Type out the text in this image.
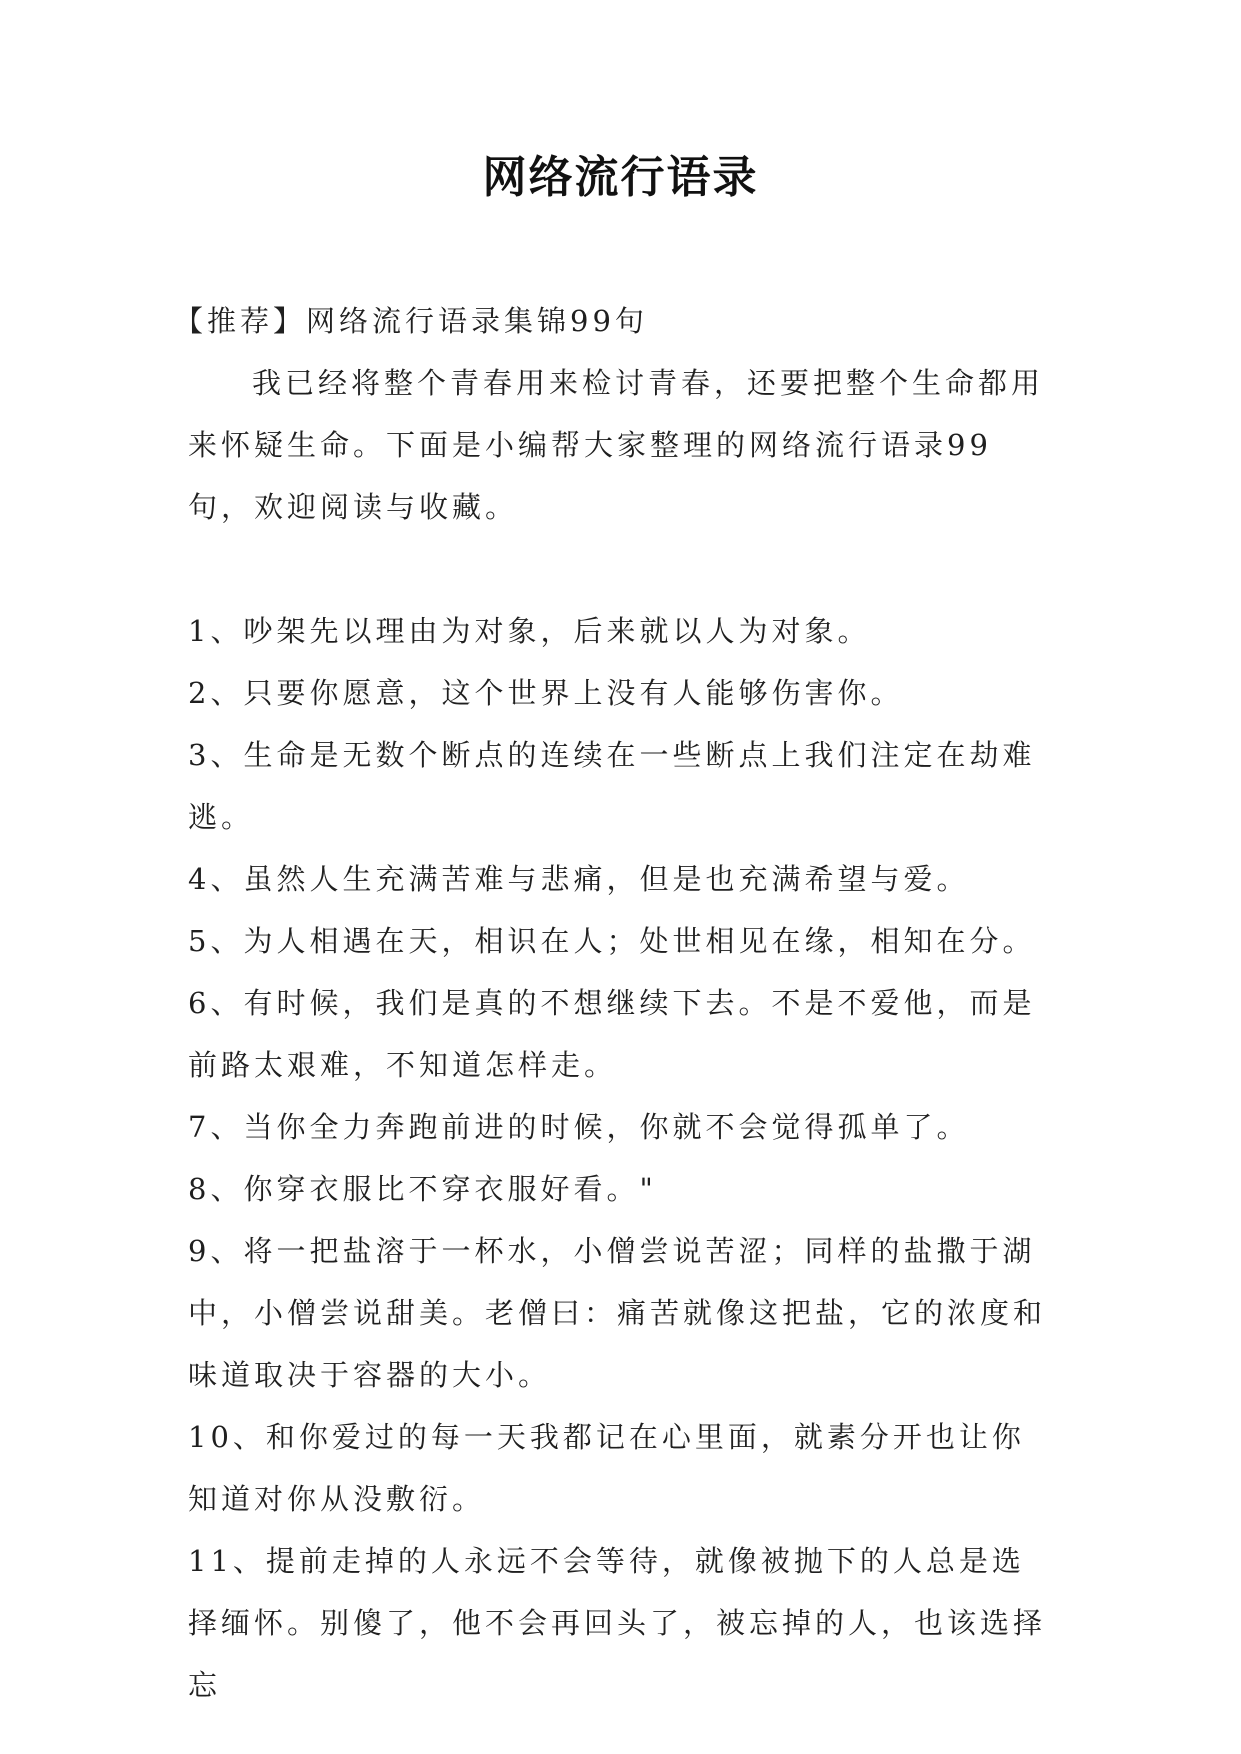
网络流行语录

【推荐】网络流行语录集锦99句

我已经将整个青春用来检讨青春，还要把整个生命都用来怀疑生命。下面是小编帮大家整理的网络流行语录99句，欢迎阅读与收藏。

1、吵架先以理由为对象，后来就以人为对象。

2、只要你愿意，这个世界上没有人能够伤害你。

3、生命是无数个断点的连续在一些断点上我们注定在劫难逃。

4、虽然人生充满苦难与悲痛，但是也充满希望与爱。

5、为人相遇在天，相识在人；处世相见在缘，相知在分。

6、有时候，我们是真的不想继续下去。不是不爱他，而是前路太艰难，不知道怎样走。

7、当你全力奔跑前进的时候，你就不会觉得孤单了。

8、你穿衣服比不穿衣服好看。"

9、将一把盐溶于一杯水，小僧尝说苦涩；同样的盐撒于湖中，小僧尝说甜美。老僧曰：痛苦就像这把盐，它的浓度和味道取决于容器的大小。

10、和你爱过的每一天我都记在心里面，就素分开也让你知道对你从没敷衍。

11、提前走掉的人永远不会等待，就像被抛下的人总是选择缅怀。别傻了，他不会再回头了，被忘掉的人，也该选择忘
